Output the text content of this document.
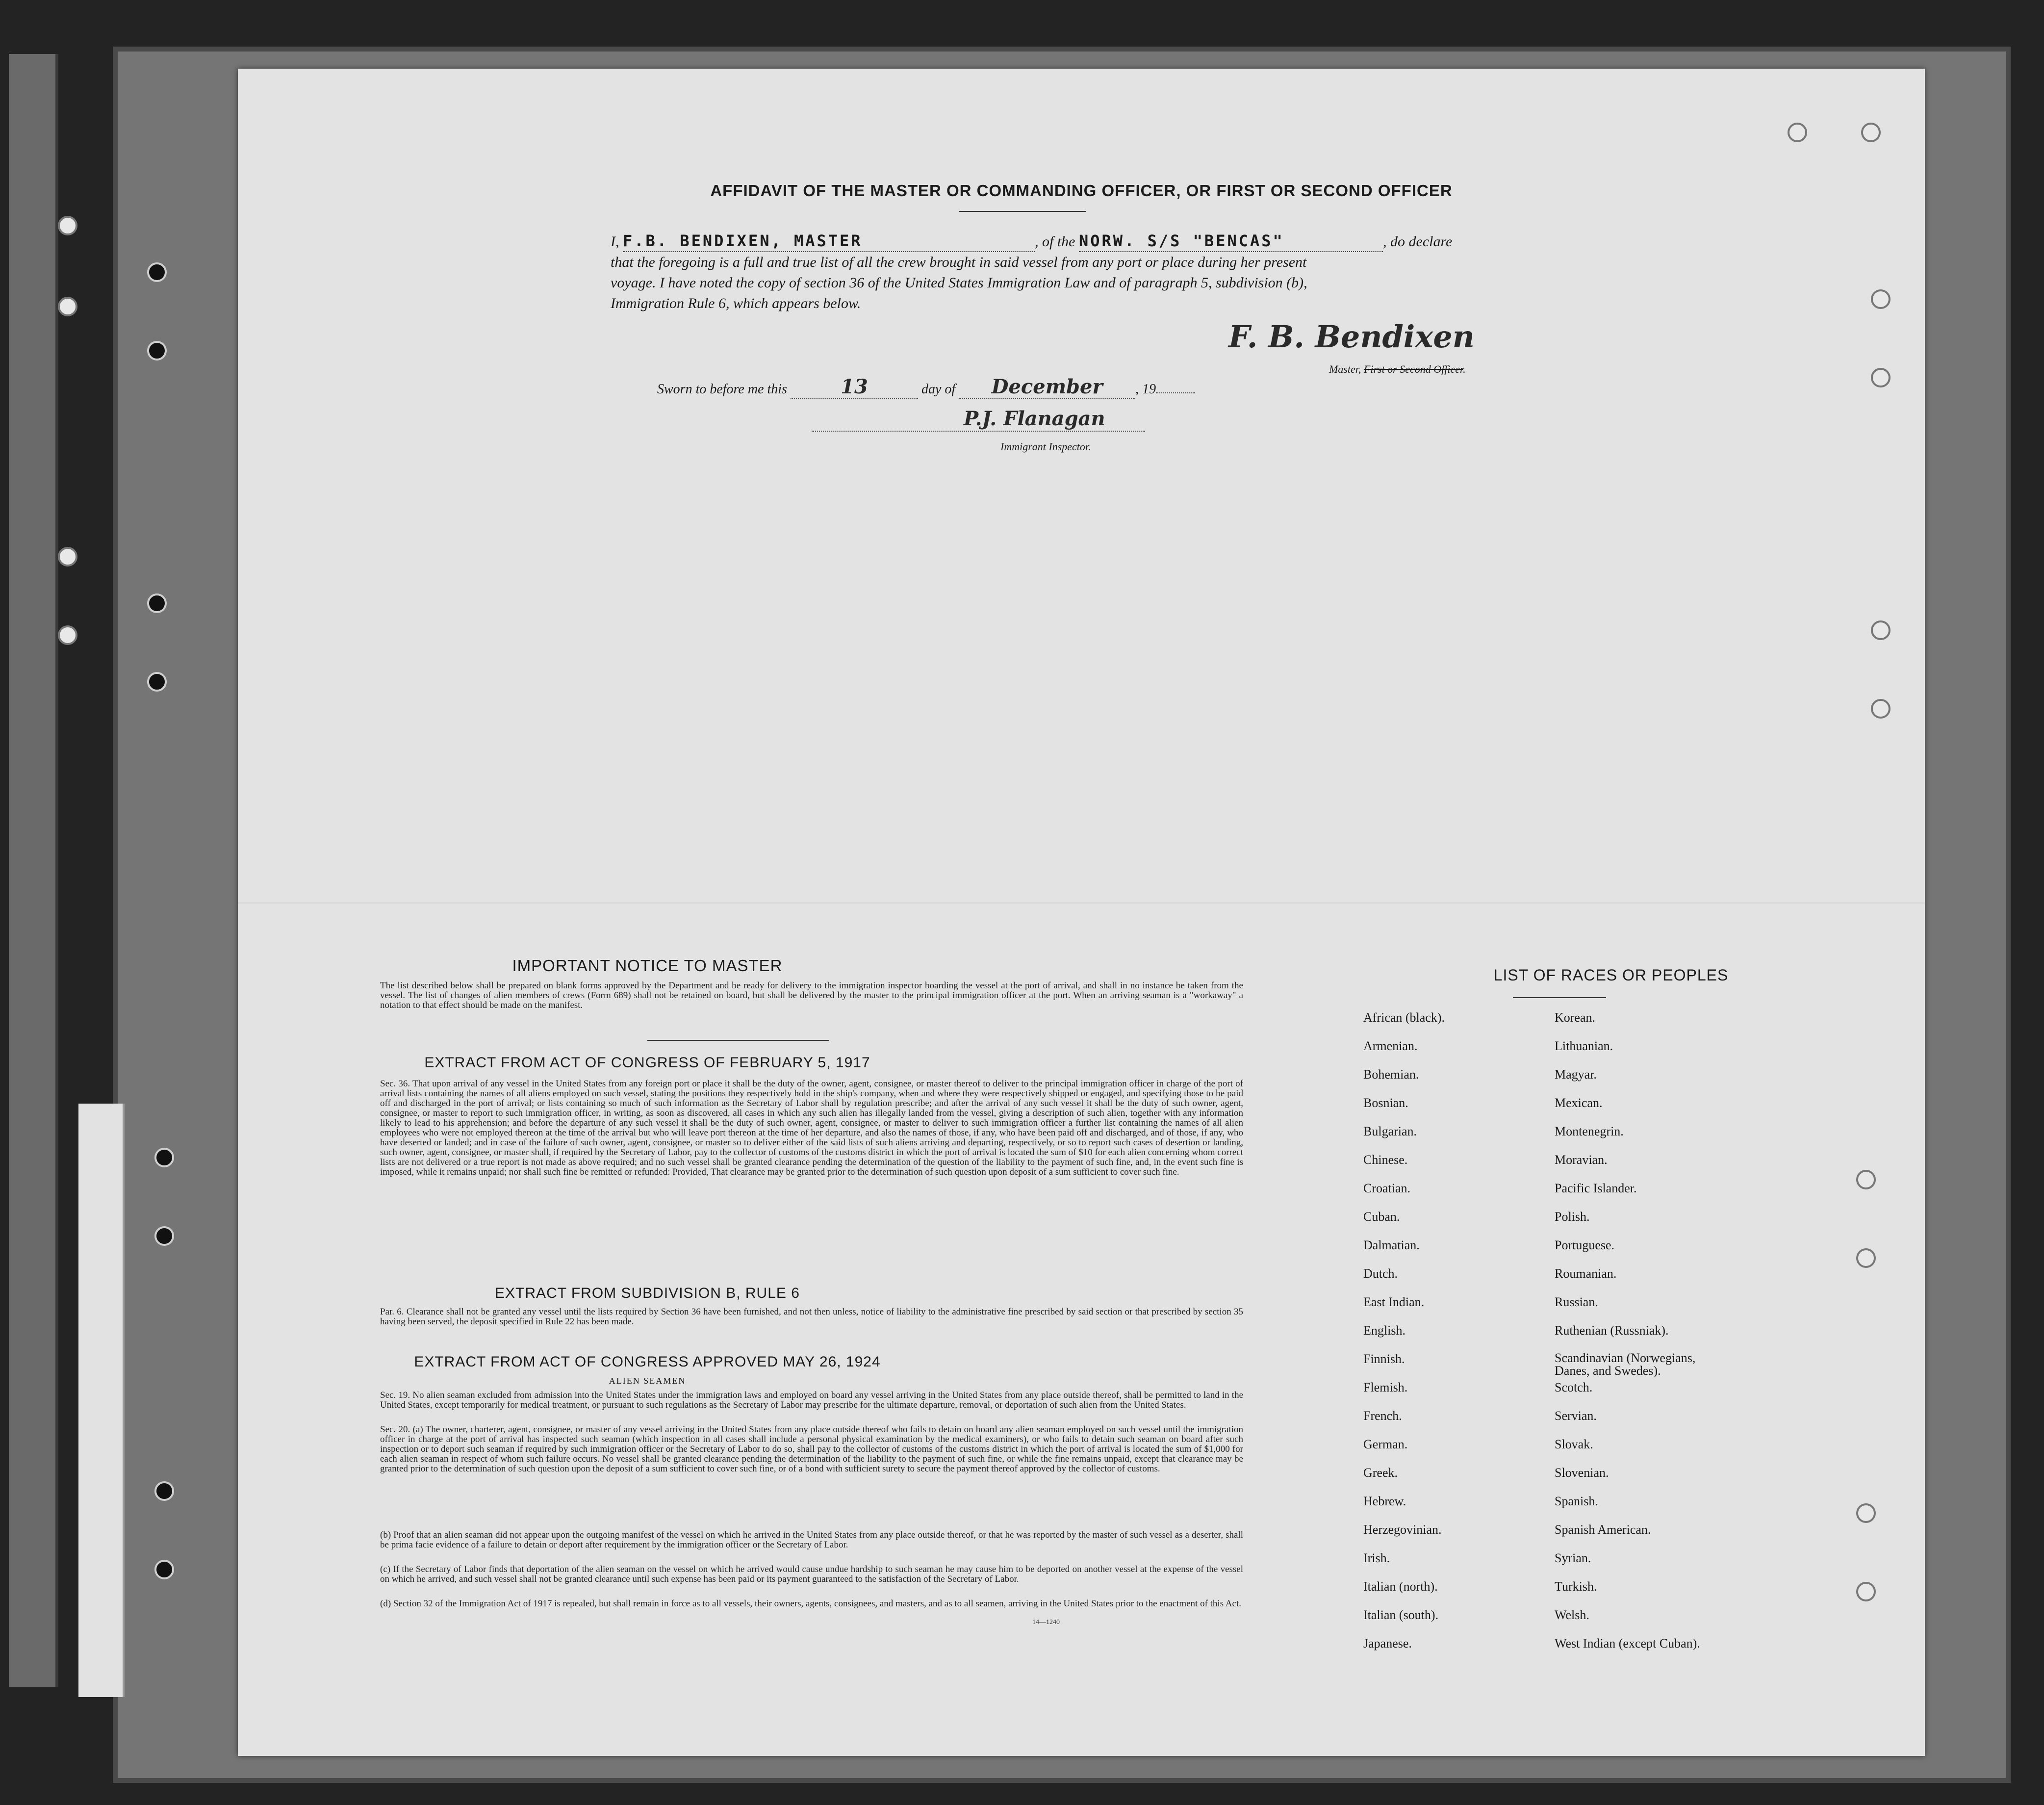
AFFIDAVIT OF THE MASTER OR COMMANDING OFFICER, OR FIRST OR SECOND OFFICER
I, F.B. BENDIXEN, MASTER	, of the NORW. S/S "BENCAS"	, do declare
that the foregoing is a full and true list of all the crew brought in said vessel from any port or place during her present
voyage. I have noted the copy of section 36 of the United States Immigration Law and of paragraph 5, subdivision (b),
Immigration Rule 6, which appears below.
F. B. Bendixen
Master, First or Second Officer.
Sworn to before me this	13	day of December , 19
P.J. Flanagan
Immigrant Inspector.
IMPORTANT NOTICE TO MASTER
The list described below shall be prepared on blank forms approved by the Department and be ready for delivery to the immigration inspector boarding the vessel at the port of arrival, and shall in no instance be taken from the vessel. The list of changes of alien members of crews (Form 689) shall not be retained on board, but shall be delivered by the master to the principal immigration officer at the port. When an arriving seaman is a "workaway" a notation to that effect should be made on the manifest.
EXTRACT FROM ACT OF CONGRESS OF FEBRUARY 5, 1917
Sec. 36. That upon arrival of any vessel in the United States from any foreign port or place it shall be the duty of the owner, agent, consignee, or master thereof to deliver to the principal immigration officer in charge of the port of arrival lists containing the names of all aliens employed on such vessel, stating the positions they respectively hold in the ship's company, when and where they were respectively shipped or engaged, and specifying those to be paid off and discharged in the port of arrival; or lists containing so much of such information as the Secretary of Labor shall by regulation prescribe; and after the arrival of any such vessel it shall be the duty of such owner, agent, consignee, or master to report to such immigration officer, in writing, as soon as discovered, all cases in which any such alien has illegally landed from the vessel, giving a description of such alien, together with any information likely to lead to his apprehension; and before the departure of any such vessel it shall be the duty of such owner, agent, consignee, or master to deliver to such immigration officer a further list containing the names of all alien employees who were not employed thereon at the time of the arrival but who will leave port thereon at the time of her departure, and also the names of those, if any, who have been paid off and discharged, and of those, if any, who have deserted or landed; and in case of the failure of such owner, agent, consignee, or master so to deliver either of the said lists of such aliens arriving and departing, respectively, or so to report such cases of desertion or landing, such owner, agent, consignee, or master shall, if required by the Secretary of Labor, pay to the collector of customs of the customs district in which the port of arrival is located the sum of $10 for each alien concerning whom correct lists are not delivered or a true report is not made as above required; and no such vessel shall be granted clearance pending the determination of the question of the liability to the payment of such fine, and, in the event such fine is imposed, while it remains unpaid; nor shall such fine be remitted or refunded: Provided, That clearance may be granted prior to the determination of such question upon deposit of a sum sufficient to cover such fine.
EXTRACT FROM SUBDIVISION B, RULE 6
Par. 6. Clearance shall not be granted any vessel until the lists required by Section 36 have been furnished, and not then unless, notice of liability to the administrative fine prescribed by said section or that prescribed by section 35 having been served, the deposit specified in Rule 22 has been made.
EXTRACT FROM ACT OF CONGRESS APPROVED MAY 26, 1924
ALIEN SEAMEN
Sec. 19. No alien seaman excluded from admission into the United States under the immigration laws and employed on board any vessel arriving in the United States from any place outside thereof, shall be permitted to land in the United States, except temporarily for medical treatment, or pursuant to such regulations as the Secretary of Labor may prescribe for the ultimate departure, removal, or deportation of such alien from the United States.
Sec. 20. (a) The owner, charterer, agent, consignee, or master of any vessel arriving in the United States from any place outside thereof who fails to detain on board any alien seaman employed on such vessel until the immigration officer in charge at the port of arrival has inspected such seaman (which inspection in all cases shall include a personal physical examination by the medical examiners), or who fails to detain such seaman on board after such inspection or to deport such seaman if required by such immigration officer or the Secretary of Labor to do so, shall pay to the collector of customs of the customs district in which the port of arrival is located the sum of $1,000 for each alien seaman in respect of whom such failure occurs. No vessel shall be granted clearance pending the determination of the liability to the payment of such fine, or while the fine remains unpaid, except that clearance may be granted prior to the determination of such question upon the deposit of a sum sufficient to cover such fine, or of a bond with sufficient surety to secure the payment thereof approved by the collector of customs.
(b) Proof that an alien seaman did not appear upon the outgoing manifest of the vessel on which he arrived in the United States from any place outside thereof, or that he was reported by the master of such vessel as a deserter, shall be prima facie evidence of a failure to detain or deport after requirement by the immigration officer or the Secretary of Labor.
(c) If the Secretary of Labor finds that deportation of the alien seaman on the vessel on which he arrived would cause undue hardship to such seaman he may cause him to be deported on another vessel at the expense of the vessel on which he arrived, and such vessel shall not be granted clearance until such expense has been paid or its payment guaranteed to the satisfaction of the Secretary of Labor.
(d) Section 32 of the Immigration Act of 1917 is repealed, but shall remain in force as to all vessels, their owners, agents, consignees, and masters, and as to all seamen, arriving in the United States prior to the enactment of this Act.
14—1240
LIST OF RACES OR PEOPLES
African (black).
Armenian.
Bohemian.
Bosnian.
Bulgarian.
Chinese.
Croatian.
Cuban.
Dalmatian.
Dutch.
East Indian.
English.
Finnish.
Flemish.
French.
German.
Greek.
Hebrew.
Herzegovinian.
Irish.
Italian (north).
Italian (south).
Japanese.
Korean.
Lithuanian.
Magyar.
Mexican.
Montenegrin.
Moravian.
Pacific Islander.
Polish.
Portuguese.
Roumanian.
Russian.
Ruthenian (Russniak).
Scandinavian (Norwegians, Danes, and Swedes).
Scotch.
Servian.
Slovak.
Slovenian.
Spanish.
Spanish American.
Syrian.
Turkish.
Welsh.
West Indian (except Cuban).
